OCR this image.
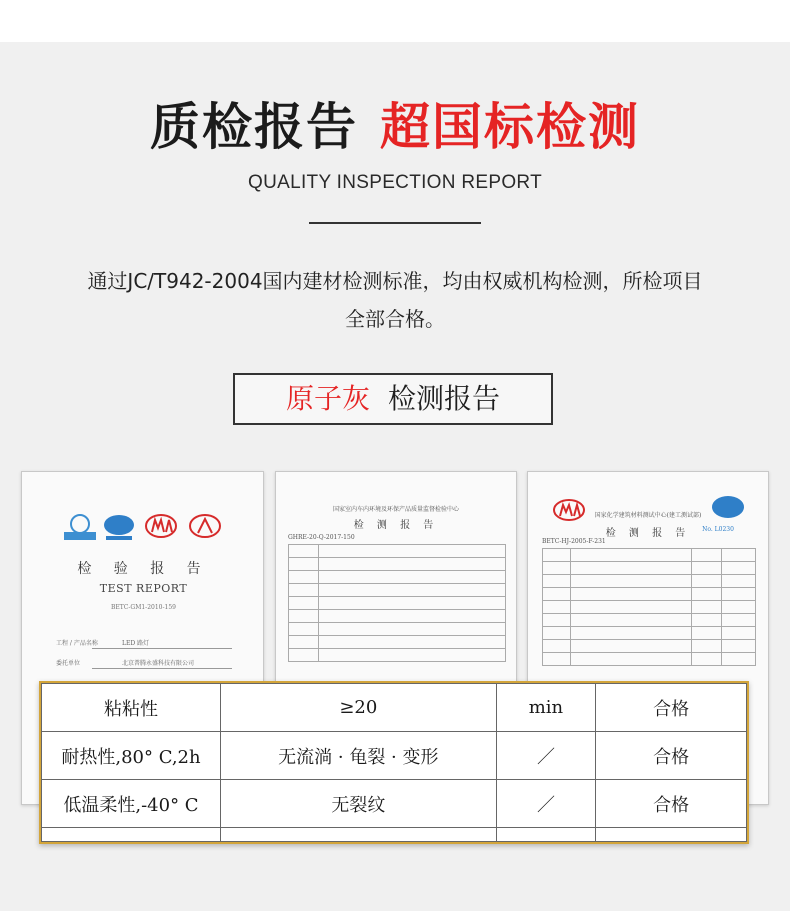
质检报告 超国标检测
QUALITY INSPECTION REPORT
通过JC/T942-2004国内建材检测标准，均由权威机构检测，所检项目
全部合格。
原子灰 检测报告
检 验 报 告
TEST REPORT
BETC-GM1-2010-159
工程 / 产品名称	LED 路灯
委托单位	北京普腾永盛科技有限公司
国家室内车内环境及环保产品质量监督检验中心
检 测 报 告
GHRE-20-Q-2017-150

国家化学建筑材料测试中心(建工测试部)
检 测 报 告	No. L0230
BETC-HJ-2005-F-231

粘粘性	≥20	min	合格
耐热性,80° C,2h	无流淌 · 龟裂 · 变形	／	合格
低温柔性,-40° C	无裂纹	／	合格
